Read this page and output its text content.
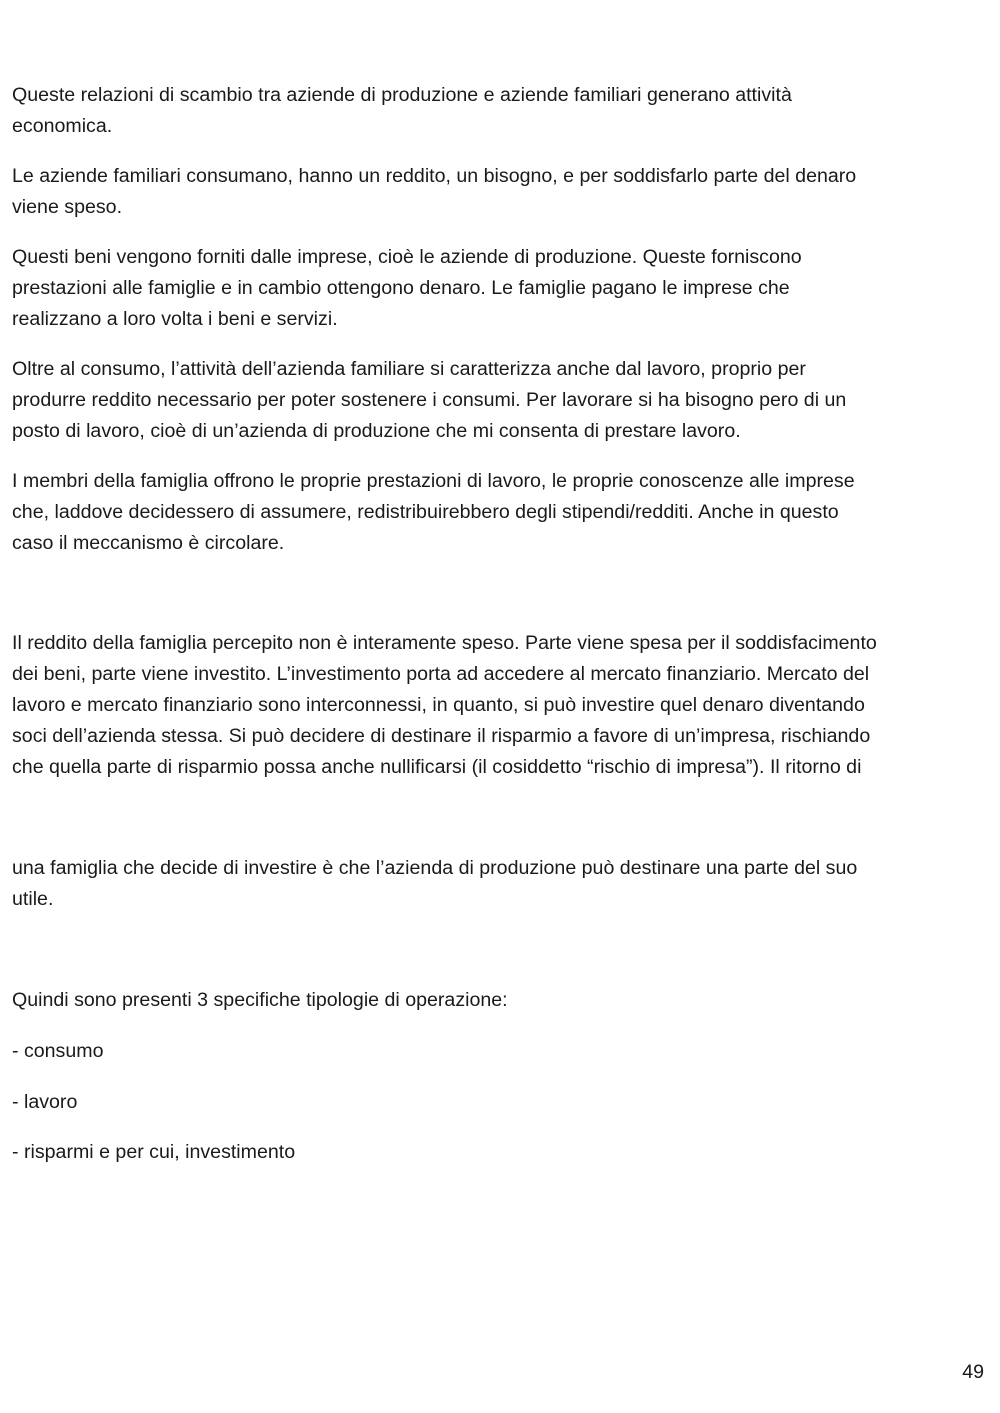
Queste relazioni di scambio tra aziende di produzione e aziende familiari generano attività
economica.

Le aziende familiari consumano, hanno un reddito, un bisogno, e per soddisfarlo parte del denaro
viene speso.

Questi beni vengono forniti dalle imprese, cioè le aziende di produzione. Queste forniscono
prestazioni alle famiglie e in cambio ottengono denaro. Le famiglie pagano le imprese che
realizzano a loro volta i beni e servizi.

Oltre al consumo, l’attività dell’azienda familiare si caratterizza anche dal lavoro, proprio per
produrre reddito necessario per poter sostenere i consumi. Per lavorare si ha bisogno pero di un
posto di lavoro, cioè di un’azienda di produzione che mi consenta di prestare lavoro.

I membri della famiglia offrono le proprie prestazioni di lavoro, le proprie conoscenze alle imprese
che, laddove decidessero di assumere, redistribuirebbero degli stipendi/redditi. Anche in questo
caso il meccanismo è circolare.

Il reddito della famiglia percepito non è interamente speso. Parte viene spesa per il soddisfacimento
dei beni, parte viene investito. L’investimento porta ad accedere al mercato finanziario. Mercato del
lavoro e mercato finanziario sono interconnessi, in quanto, si può investire quel denaro diventando
soci dell’azienda stessa. Si può decidere di destinare il risparmio a favore di un’impresa, rischiando
che quella parte di risparmio possa anche nullificarsi (il cosiddetto “rischio di impresa”). Il ritorno di

una famiglia che decide di investire è che l’azienda di produzione può destinare una parte del suo
utile.

Quindi sono presenti 3 specifiche tipologie di operazione:

- consumo

- lavoro

- risparmi e per cui, investimento

49
